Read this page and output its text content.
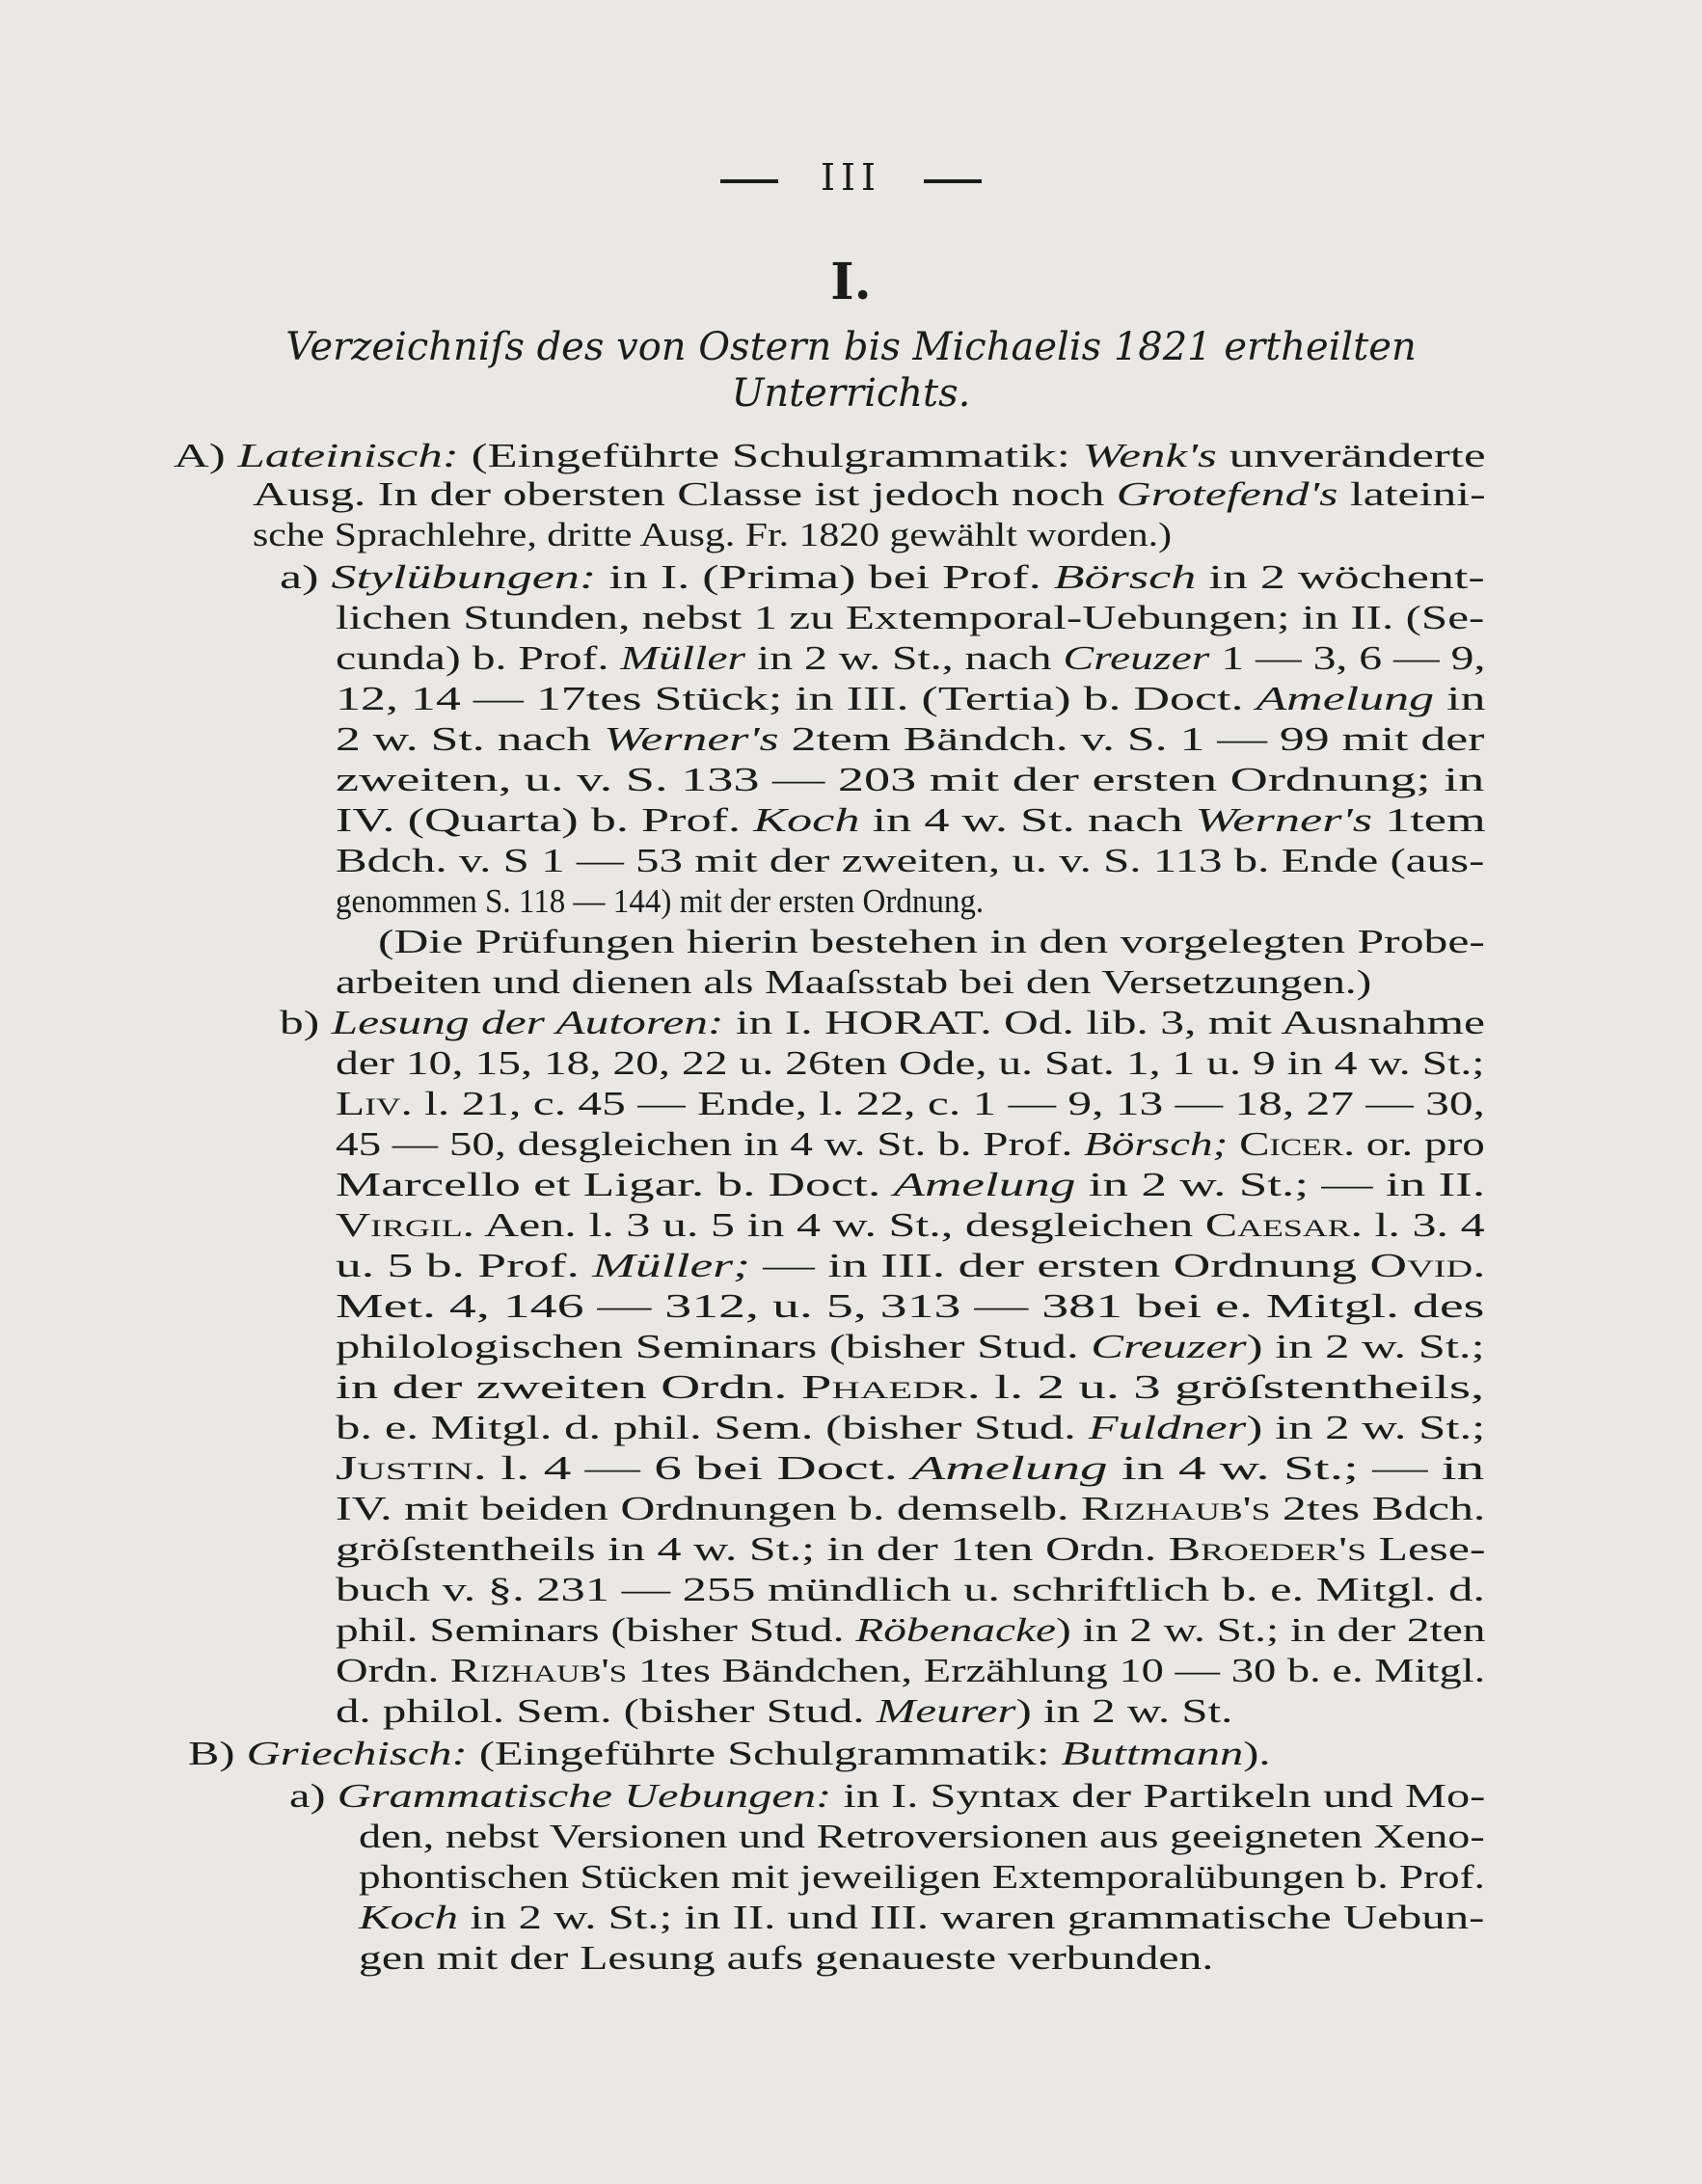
III
I.
Verzeichniſs des von Ostern bis Michaelis 1821 ertheilten
Unterrichts.
A) Lateinisch: (Eingeführte Schulgrammatik: Wenk's unveränderte
Ausg. In der obersten Classe ist jedoch noch Grotefend's lateini-
sche Sprachlehre, dritte Ausg. Fr. 1820 gewählt worden.)
a) Stylübungen: in I. (Prima) bei Prof. Börsch in 2 wöchent-
lichen Stunden, nebst 1 zu Extemporal-Uebungen; in II. (Se-
cunda) b. Prof. Müller in 2 w. St., nach Creuzer 1 — 3, 6 — 9,
12, 14 — 17tes Stück; in III. (Tertia) b. Doct. Amelung in
2 w. St. nach Werner's 2tem Bändch. v. S. 1 — 99 mit der
zweiten, u. v. S. 133 — 203 mit der ersten Ordnung; in
IV. (Quarta) b. Prof. Koch in 4 w. St. nach Werner's 1tem
Bdch. v. S 1 — 53 mit der zweiten, u. v. S. 113 b. Ende (aus-
genommen S. 118 — 144) mit der ersten Ordnung.
(Die Prüfungen hierin bestehen in den vorgelegten Probe-
arbeiten und dienen als Maaſsstab bei den Versetzungen.)
b) Lesung der Autoren: in I. HORAT. Od. lib. 3, mit Ausnahme
der 10, 15, 18, 20, 22 u. 26ten Ode, u. Sat. 1, 1 u. 9 in 4 w. St.;
Liv. l. 21, c. 45 — Ende, l. 22, c. 1 — 9, 13 — 18, 27 — 30,
45 — 50, desgleichen in 4 w. St. b. Prof. Börsch; Cicer. or. pro
Marcello et Ligar. b. Doct. Amelung in 2 w. St.; — in II.
Virgil. Aen. l. 3 u. 5 in 4 w. St., desgleichen Caesar. l. 3. 4
u. 5 b. Prof. Müller; — in III. der ersten Ordnung Ovid.
Met. 4, 146 — 312, u. 5, 313 — 381 bei e. Mitgl. des
philologischen Seminars (bisher Stud. Creuzer) in 2 w. St.;
in der zweiten Ordn. Phaedr. l. 2 u. 3 gröſstentheils,
b. e. Mitgl. d. phil. Sem. (bisher Stud. Fuldner) in 2 w. St.;
Justin. l. 4 — 6 bei Doct. Amelung in 4 w. St.; — in
IV. mit beiden Ordnungen b. demselb. Rizhaub's 2tes Bdch.
gröſstentheils in 4 w. St.; in der 1ten Ordn. Broeder's Lese-
buch v. §. 231 — 255 mündlich u. schriftlich b. e. Mitgl. d.
phil. Seminars (bisher Stud. Röbenacke) in 2 w. St.; in der 2ten
Ordn. Rizhaub's 1tes Bändchen, Erzählung 10 — 30 b. e. Mitgl.
d. philol. Sem. (bisher Stud. Meurer) in 2 w. St.
B) Griechisch: (Eingeführte Schulgrammatik: Buttmann).
a) Grammatische Uebungen: in I. Syntax der Partikeln und Mo-
den, nebst Versionen und Retroversionen aus geeigneten Xeno-
phontischen Stücken mit jeweiligen Extemporalübungen b. Prof.
Koch in 2 w. St.; in II. und III. waren grammatische Uebun-
gen mit der Lesung aufs genaueste verbunden.
